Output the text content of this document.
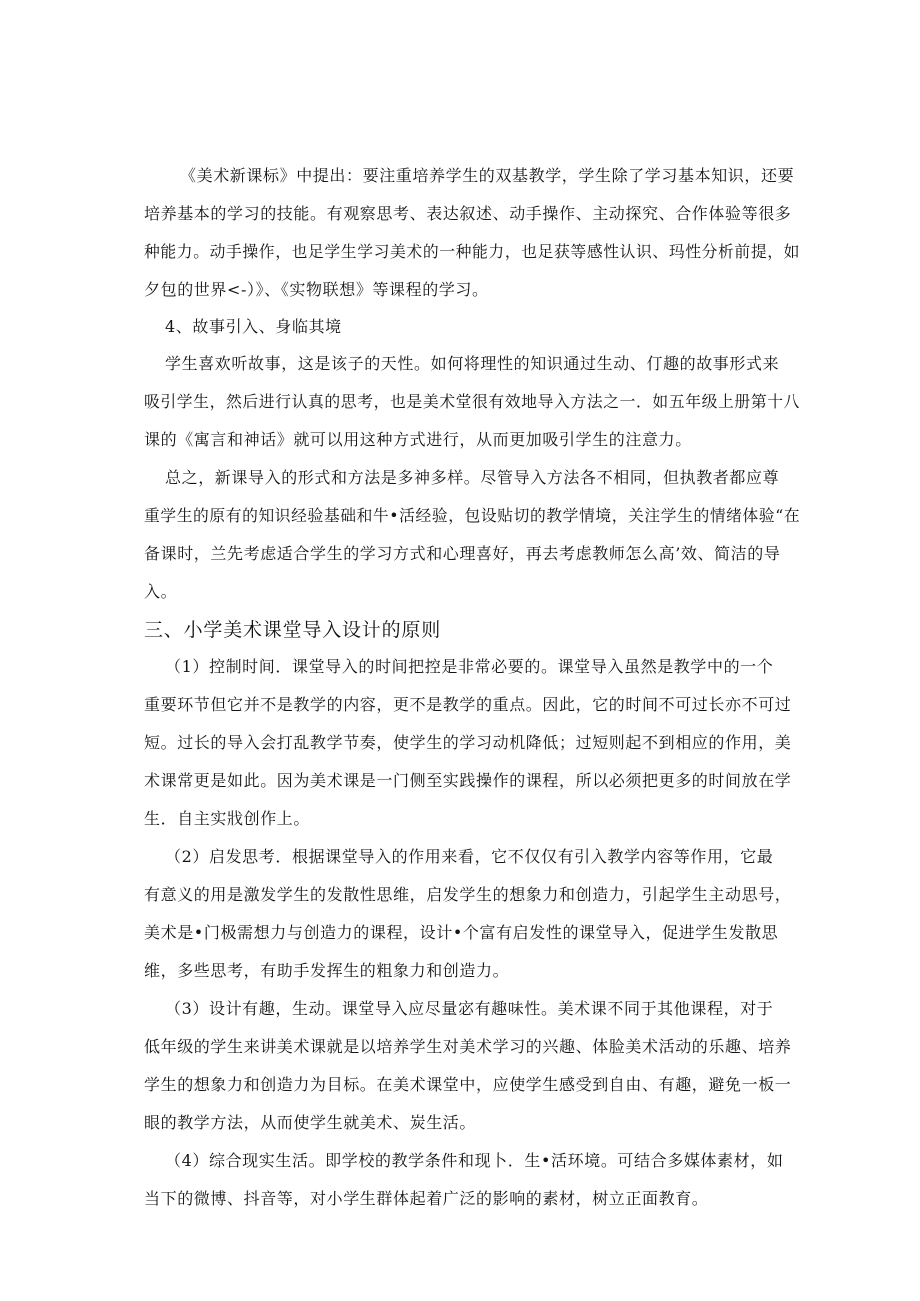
《美术新课标》中提出：要注重培养学生的双基教学，学生除了学习基本知识，还要
培养基本的学习的技能。有观察思考、表达叙述、动手操作、主动探究、合作体验等很多
种能力。动手操作，也足学生学习美术的一种能力，也足获等感性认识、玛性分析前提，如
夕包的世界<-）》、《实物联想》等课程的学习。
4、故事引入、身临其境
学生喜欢听故事，这是该子的天性。如何将理性的知识通过生动、仃趣的故事形式来
吸引学生，然后进行认真的思考，也是美术堂很有效地导入方法之一．如五年级上册第十八
课的《寓言和神话》就可以用这种方式进行，从而更加吸引学生的注意力。
总之，新课导入的形式和方法是多神多样。尽管导入方法各不相同，但执教者都应尊
重学生的原有的知识经验基础和牛•活经验，包设贴切的教学情境，关注学生的情绪体验“在
备课时，兰先考虑适合学生的学习方式和心理喜好，再去考虑教师怎么高’效、简洁的导
入。
三、小学美术课堂导入设计的原则
（1）控制时间．课堂导入的时间把控是非常必要的。课堂导入虽然是教学中的一个
重要环节但它并不是教学的内容，更不是教学的重点。因此，它的时间不可过长亦不可过
短。过长的导入会打乱教学节奏，使学生的学习动机降低；过短则起不到相应的作用，美
术课常更是如此。因为美术课是一门侧至实践操作的课程，所以必须把更多的时间放在学
生．自主实戕创作上。
（2）启发思考．根据课堂导入的作用来看，它不仅仅有引入教学内容等作用，它最
有意义的用是激发学生的发散性思维，启发学生的想象力和创造力，引起学生主动思号，
美术是•门极需想力与创造力的课程，设计•个富有启发性的课堂导入，促进学生发散思
维，多些思考，有助手发挥生的粗象力和创造力。
（3）设计有趣，生动。课堂导入应尽量宓有趣味性。美术课不同于其他课程，对于
低年级的学生来讲美术课就是以培养学生对美术学习的兴趣、体脸美术活动的乐趣、培养
学生的想象力和创造力为目标。在美术课堂中，应使学生感受到自由、有趣，避免一板一
眼的教学方法，从而使学生就美术、炭生活。
（4）综合现实生活。即学校的教学条件和现卜．生•活环境。可结合多媒体素材，如
当下的微博、抖音等，对小学生群体起着广泛的影响的素材，树立正面教育。
